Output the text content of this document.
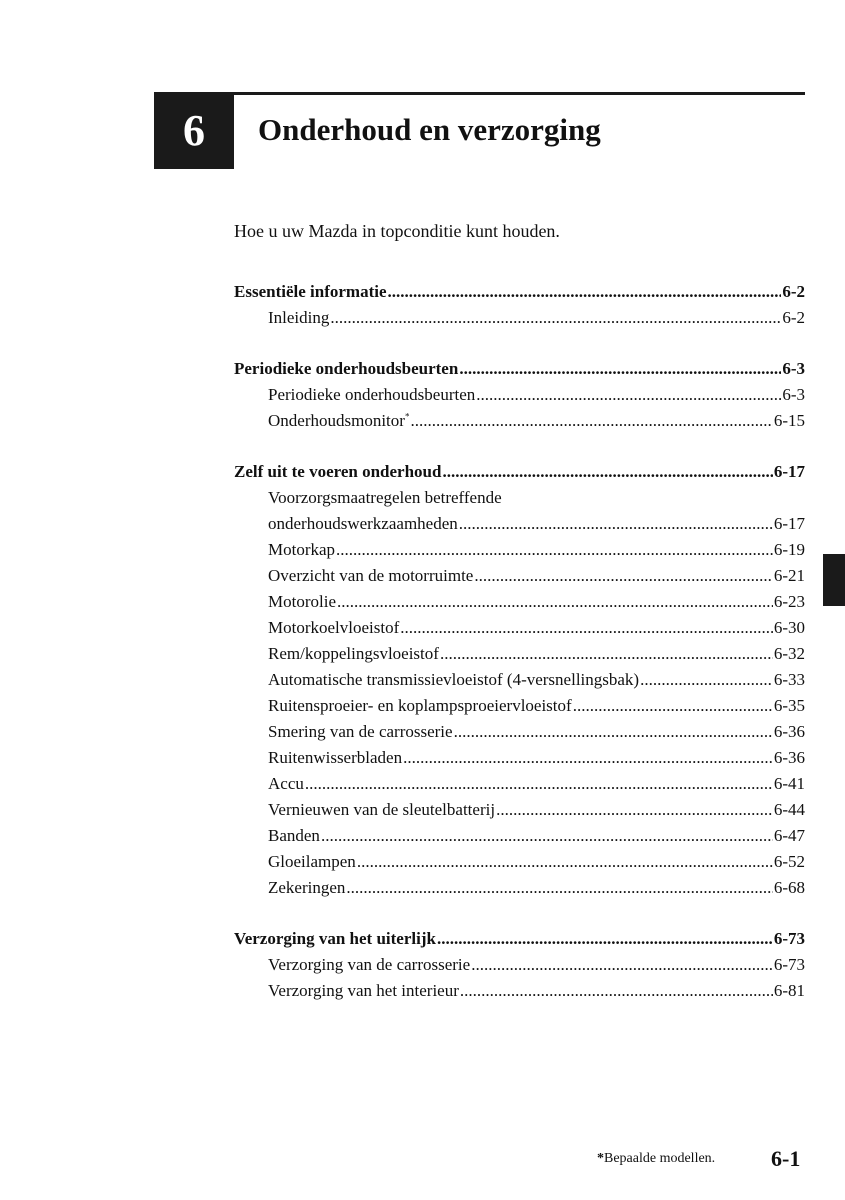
6 Onderhoud en verzorging
Hoe u uw Mazda in topconditie kunt houden.
Essentiële informatie .....	6-2
Inleiding .....	6-2
Periodieke onderhoudsbeurten .....	6-3
Periodieke onderhoudsbeurten .....	6-3
Onderhoudsmonitor* .....	6-15
Zelf uit te voeren onderhoud .....	6-17
Voorzorgsmaatregelen betreffende
onderhoudswerkzaamheden .....	6-17
Motorkap .....	6-19
Overzicht van de motorruimte .....	6-21
Motorolie .....	6-23
Motorkoelvloeistof .....	6-30
Rem/koppelingsvloeistof .....	6-32
Automatische transmissievloeistof (4-versnellingsbak) .....	6-33
Ruitensproeier- en koplampsproeiervloeistof .....	6-35
Smering van de carrosserie .....	6-36
Ruitenwisserbladen .....	6-36
Accu .....	6-41
Vernieuwen van de sleutelbatterij .....	6-44
Banden .....	6-47
Gloeilampen .....	6-52
Zekeringen .....	6-68
Verzorging van het uiterlijk .....	6-73
Verzorging van de carrosserie .....	6-73
Verzorging van het interieur .....	6-81
*Bepaalde modellen.	6-1
